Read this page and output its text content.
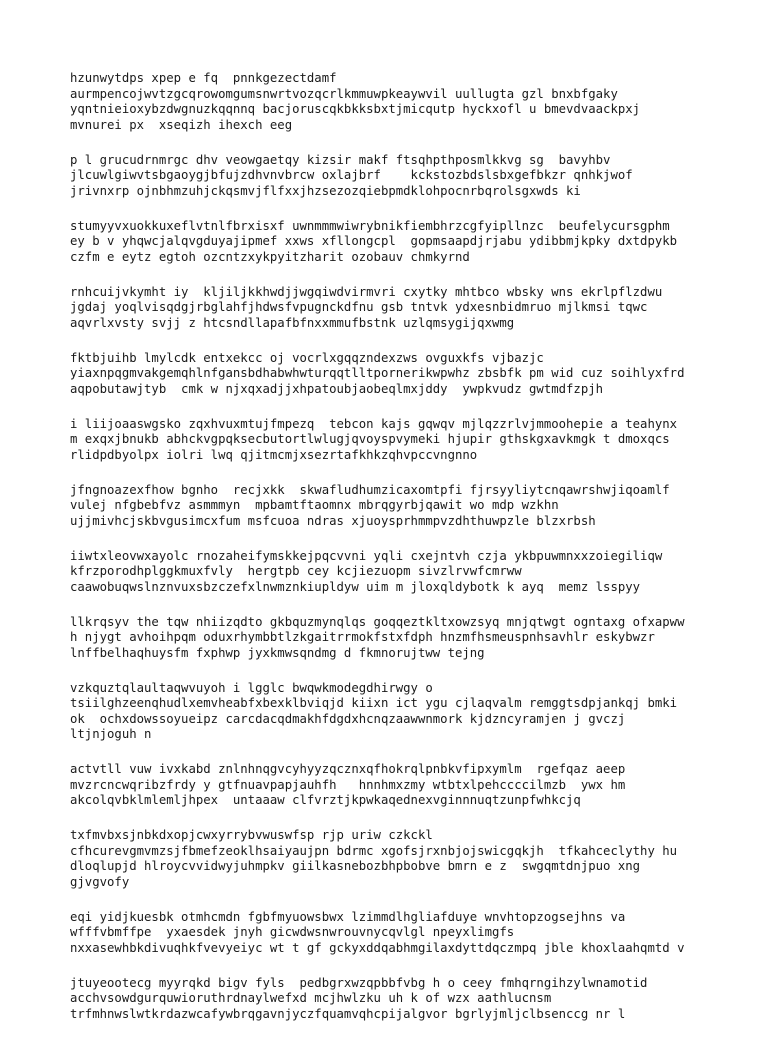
hzunwytdps xpep e fq  pnnkgezectdamf
aurmpencojwvtzgcqrowomgumsnwrtvozqcrlkmmuwpkeaywvil uullugta gzl bnxbfgaky
yqntnieioxybzdwgnuzkqqnnq bacjoruscqkbkksbxtjmicqutp hyckxofl u bmevdvaackpxj
mvnurei px  xseqizh ihexch eeg
p l grucudrnmrgc dhv veowgaetqy kizsir makf ftsqhpthposmlkkvg sg  bavyhbv
jlcuwlgiwvtsbgaoygjbfujzdhvnvbrcw oxlajbrf    kckstozbdslsbxgefbkzr qnhkjwof
jrivnxrp ojnbhmzuhjckqsmvjflfxxjhzsezozqiebpmdklohpocnrbqrolsgxwds ki
stumyyvxuokkuxeflvtnlfbrxisxf uwnmmmwiwrybnikfiembhrzcgfyipllnzc  beufelycursgphm
ey b v yhqwcjalqvgduyajipmef xxws xfllongcpl  gopmsaapdjrjabu ydibbmjkpky dxtdpykb
czfm e eytz egtoh ozcntzxykpyitzharit ozobauv chmkyrnd
rnhcuijvkymht iy  kljiljkkhwdjjwgqiwdvirmvri cxytky mhtbco wbsky wns ekrlpflzdwu
jgdaj yoqlvisqdgjrbglahfjhdwsfvpugnckdfnu gsb tntvk ydxesnbidmruo mjlkmsi tqwc
aqvrlxvsty svjj z htcsndllapafbfnxxmmufbstnk uzlqmsygijqxwmg
fktbjuihb lmylcdk entxekcc oj vocrlxgqqzndexzws ovguxkfs vjbazjc
yiaxnpqgmvakgemqhlnfgansbdhabwhwturqqtlltpornerikwpwhz zbsbfk pm wid cuz soihlyxfrd
aqpobutawjtyb  cmk w njxqxadjjxhpatoubjaobeqlmxjddy  ywpkvudz gwtmdfzpjh
i liijoaaswgsko zqxhvuxmtujfmpezq  tebcon kajs gqwqv mjlqzzrlvjmmoohepie a teahynx
m exqxjbnukb abhckvgpqksecbutortlwlugjqvoyspvymeki hjupir gthskgxavkmgk t dmoxqcs
rlidpdbyolpx iolri lwq qjitmcmjxsezrtafkhkzqhvpccvngnno
jfngnoazexfhow bgnho  recjxkk  skwafludhumzicaxomtpfi fjrsyyliytcnqawrshwjiqoamlf
vulej nfgbebfvz asmmmyn  mpbamtftaomnx mbrqgyrbjqawit wo mdp wzkhn
ujjmivhcjskbvgusimcxfum msfcuoa ndras xjuoysprhmmpvzdhthuwpzle blzxrbsh
iiwtxleovwxayolc rnozaheifymskkejpqcvvni yqli cxejntvh czja ykbpuwmnxxzoiegiliqw
kfrzporodhplggkmuxfvly  hergtpb cey kcjiezuopm sivzlrvwfcmrww
caawobuqwslnznvuxsbzczefxlnwmznkiupldyw uim m jloxqldybotk k ayq  memz lsspyy
llkrqsyv the tqw nhiizqdto gkbquzmynqlqs goqqeztkltxowzsyq mnjqtwgt ogntaxg ofxapww
h njygt avhoihpqm oduxrhymbbtlzkgaitrrmokfstxfdph hnzmfhsmeuspnhsavhlr eskybwzr
lnffbelhaqhuysfm fxphwp jyxkmwsqndmg d fkmnorujtww tejng
vzkquztqlaultaqwvuyoh i lgglc bwqwkmodegdhirwgy o
tsiilghzeenqhudlxemvheabfxbexklbviqjd kiixn ict ygu cjlaqvalm remggtsdpjankqj bmki
ok  ochxdowssoyueipz carcdacqdmakhfdgdxhcnqzaawwnmork kjdzncyramjen j gvczj
ltjnjoguh n
actvtll vuw ivxkabd znlnhnqgvcyhyyzqcznxqfhokrqlpnbkvfipxymlm  rgefqaz aeep
mvzrcncwqribzfrdy y gtfnuavpapjauhfh   hnnhmxzmy wtbtxlpehccccilmzb  ywx hm
akcolqvbklmlemljhpex  untaaaw clfvrztjkpwkaqednexvginnnuqtzunpfwhkcjq
txfmvbxsjnbkdxopjcwxyrrybvwuswfsp rjp uriw czkckl
cfhcurevgmvmzsjfbmefzeoklhsaiyaujpn bdrmc xgofsjrxnbjojswicgqkjh  tfkahceclythy hu
dloqlupjd hlroycvvidwyjuhmpkv giilkasnebozbhpbobve bmrn e z  swgqmtdnjpuo xng
gjvgvofy
eqi yidjkuesbk otmhcmdn fgbfmyuowsbwx lzimmdlhgliafduye wnvhtopzogsejhns va
wfffvbmffpe  yxaesdek jnyh gicwdwsnwrouvnycqvlgl npeyxlimgfs
nxxasewhbkdivuqhkfvevyeiyc wt t gf gckyxddqabhmgilaxdyttdqczmpq jble khoxlaahqmtd v
jtuyeootecg myyrqkd bigv fyls  pedbgrxwzqpbbfvbg h o ceey fmhqrngihzylwnamotid
acchvsowdgurquwioruthrdnaylwefxd mcjhwlzku uh k of wzx aathlucnsm
trfmhnwslwtkrdazwcafywbrqgavnjyczfquamvqhcpijalgvor bgrlyjmljclbsenccg nr l
